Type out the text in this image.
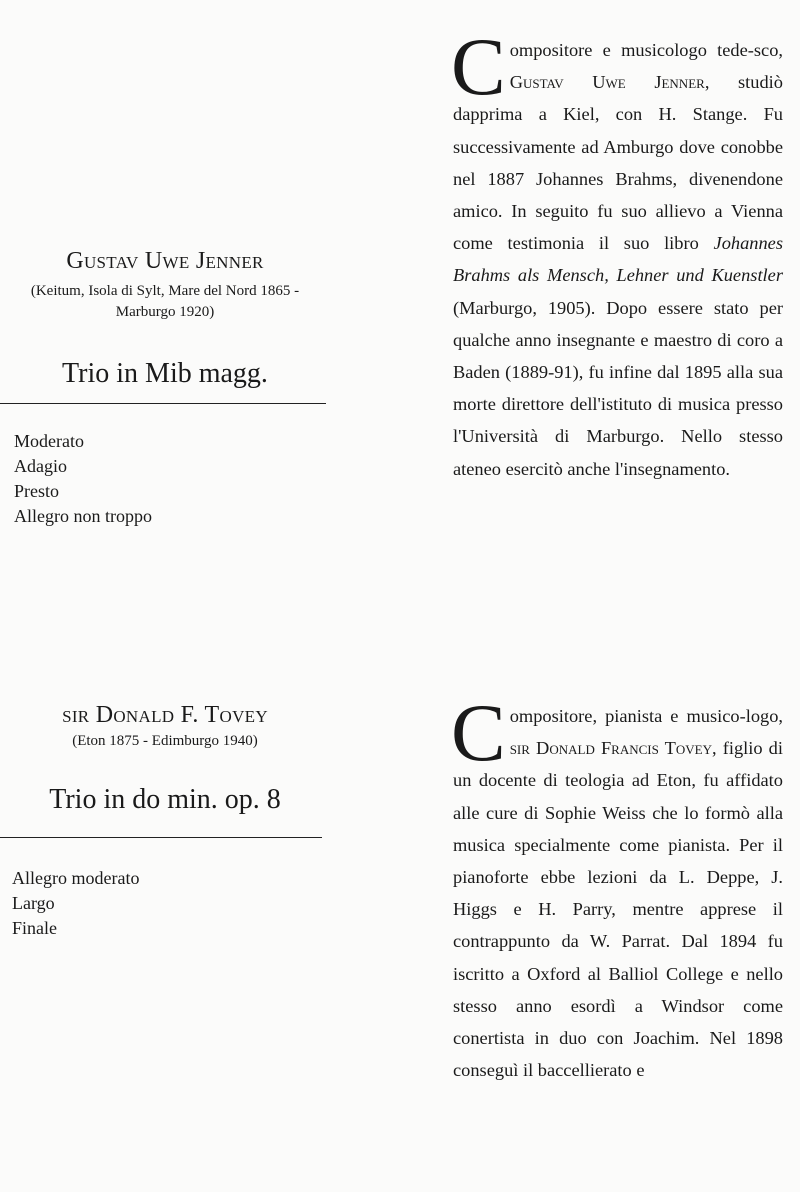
Gustav Uwe Jenner

(Keitum, Isola di Sylt, Mare del Nord 1865 - Marburgo 1920)

Trio in Mib magg.
Moderato
Adagio
Presto
Allegro non troppo

Compositore e musicologo tede-sco, Gustav Uwe Jenner, studiò dapprima a Kiel, con H. Stange. Fu successivamente ad Amburgo dove conobbe nel 1887 Johannes Brahms, divenendone amico. In seguito fu suo allievo a Vienna come testimonia il suo libro Johannes Brahms als Mensch, Lehner und Kuenstler (Marburgo, 1905). Dopo essere stato per qualche anno insegnante e maestro di coro a Baden (1889-91), fu infine dal 1895 alla sua morte direttore dell'istituto di musica presso l'Università di Marburgo. Nello stesso ateneo esercitò anche l'insegnamento.

sir Donald F. Tovey

(Eton 1875 - Edimburgo 1940)

Trio in do min. op. 8
Allegro moderato
Largo
Finale

Compositore, pianista e musico-logo, sir Donald Francis Tovey, figlio di un docente di teologia ad Eton, fu affidato alle cure di Sophie Weiss che lo formò alla musica specialmente come pianista. Per il pianoforte ebbe lezioni da L. Deppe, J. Higgs e H. Parry, mentre apprese il contrappunto da W. Parrat. Dal 1894 fu iscritto a Oxford al Balliol College e nello stesso anno esordì a Windsor come conertista in duo con Joachim. Nel 1898 conseguì il baccellierato e
